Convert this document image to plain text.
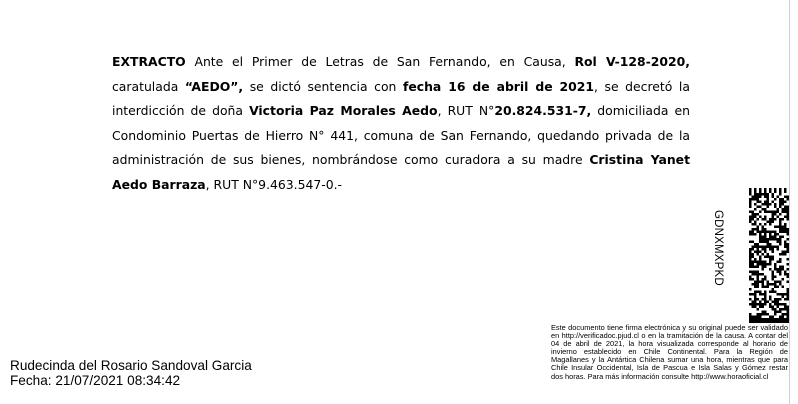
EXTRACTO Ante el Primer de Letras de San Fernando, en Causa, Rol V-128-2020, caratulada “AEDO”, se dictó sentencia con fecha 16 de abril de 2021, se decretó la interdicción de doña Victoria Paz Morales Aedo, RUT N°20.824.531-7, domiciliada en Condominio Puertas de Hierro N° 441, comuna de San Fernando, quedando privada de la administración de sus bienes, nombrándose como curadora a su madre Cristina Yanet Aedo Barraza, RUT N°9.463.547-0.-
GDNXMXPKD
Este documento tiene firma electrónica y su original puede ser validado en http://verificadoc.pjud.cl o en la tramitación de la causa. A contar del 04 de abril de 2021, la hora visualizada corresponde al horario de invierno establecido en Chile Continental. Para la Región de Magallanes y la Antártica Chilena sumar una hora, mientras que para Chile Insular Occidental, Isla de Pascua e Isla Salas y Gómez restar dos horas. Para más información consulte http://www.horaoficial.cl
Rudecinda del Rosario Sandoval Garcia
Fecha: 21/07/2021 08:34:42
